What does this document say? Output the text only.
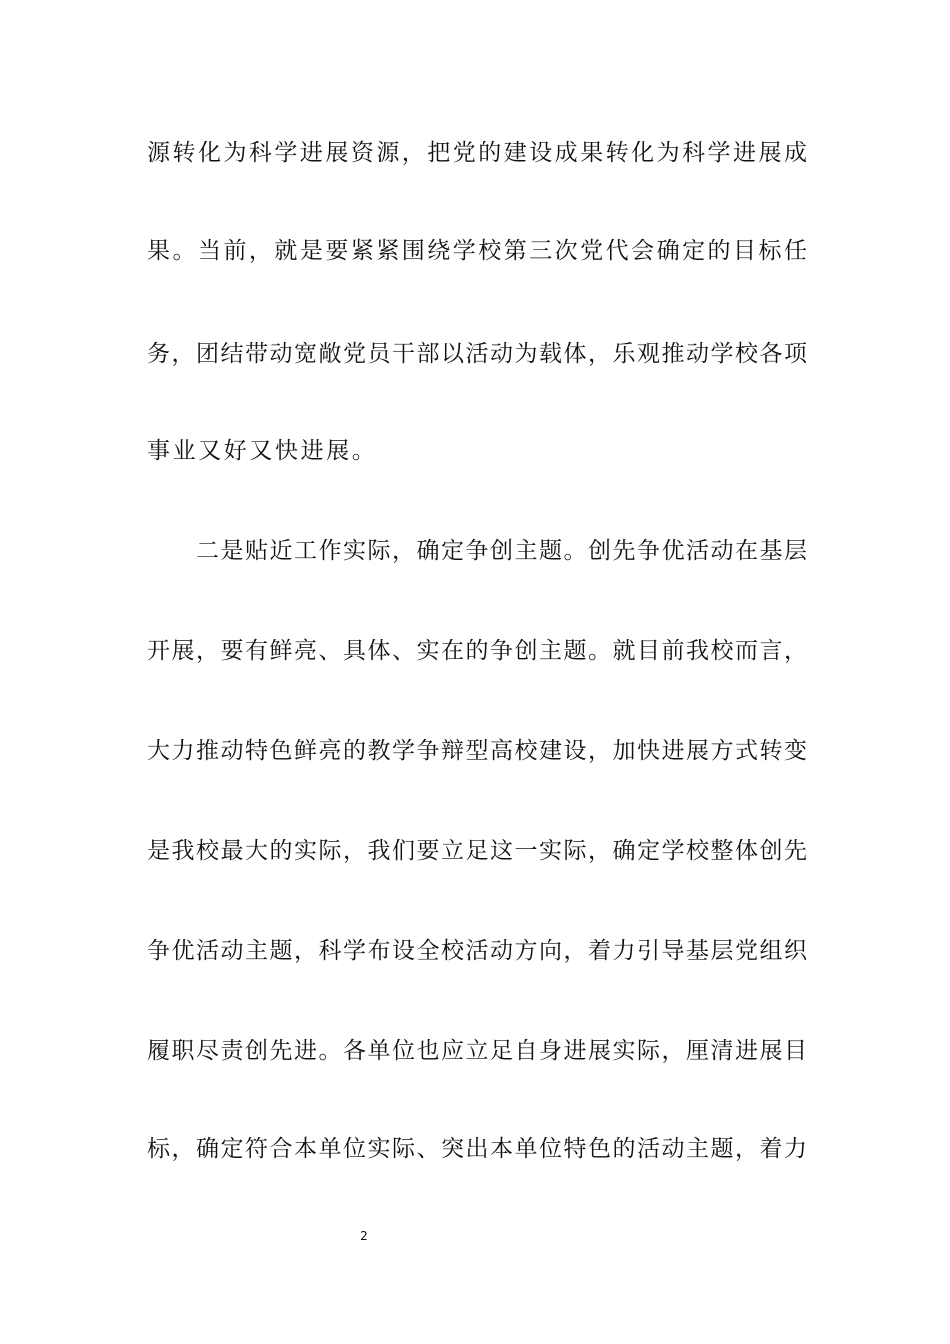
源转化为科学进展资源，把党的建设成果转化为科学进展成
果。当前，就是要紧紧围绕学校第三次党代会确定的目标任
务，团结带动宽敞党员干部以活动为载体，乐观推动学校各项
事业又好又快进展。
二是贴近工作实际，确定争创主题。创先争优活动在基层
开展，要有鲜亮、具体、实在的争创主题。就目前我校而言，
大力推动特色鲜亮的教学争辩型高校建设，加快进展方式转变
是我校最大的实际，我们要立足这一实际，确定学校整体创先
争优活动主题，科学布设全校活动方向，着力引导基层党组织
履职尽责创先进。各单位也应立足自身进展实际，厘清进展目
标，确定符合本单位实际、突出本单位特色的活动主题，着力
2
